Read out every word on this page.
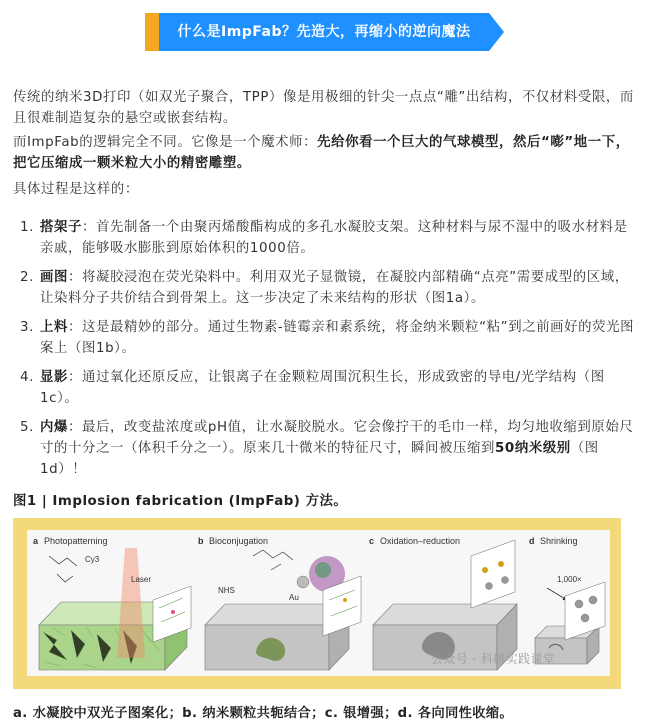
什么是ImpFab？先造大，再缩小的逆向魔法

传统的纳米3D打印（如双光子聚合，TPP）像是用极细的针尖一点点“雕”出结构，不仅材料受限，而且很难制造复杂的悬空或嵌套结构。

而ImpFab的逻辑完全不同。它像是一个魔术师：先给你看一个巨大的气球模型，然后“嘭”地一下，把它压缩成一颗米粒大小的精密雕塑。

具体过程是这样的：

1. 搭架子：首先制备一个由聚丙烯酸酯构成的多孔水凝胶支架。这种材料与尿不湿中的吸水材料是亲戚，能够吸水膨胀到原始体积的1000倍。
2. 画图：将凝胶浸泡在荧光染料中。利用双光子显微镜，在凝胶内部精确“点亮”需要成型的区域，让染料分子共价结合到骨架上。这一步决定了未来结构的形状（图1a）。
3. 上料：这是最精妙的部分。通过生物素-链霉亲和素系统，将金纳米颗粒“粘”到之前画好的荧光图案上（图1b）。
4. 显影：通过氧化还原反应，让银离子在金颗粒周围沉积生长，形成致密的导电/光学结构（图1c）。
5. 内爆：最后，改变盐浓度或pH值，让水凝胶脱水。它会像拧干的毛巾一样，均匀地收缩到原始尺寸的十分之一（体积千分之一）。原来几十微米的特征尺寸，瞬间被压缩到50纳米级别（图1d）！
图1 | Implosion fabrication (ImpFab) 方法。
a Photopatterning	b Bioconjugation	c Oxidation–reduction	d Shrinking
Laser
Cy3
NHS
Au
1,000×
公众号 · 科研实践课堂
a. 水凝胶中双光子图案化；b. 纳米颗粒共轭结合；c. 银增强；d. 各向同性收缩。
